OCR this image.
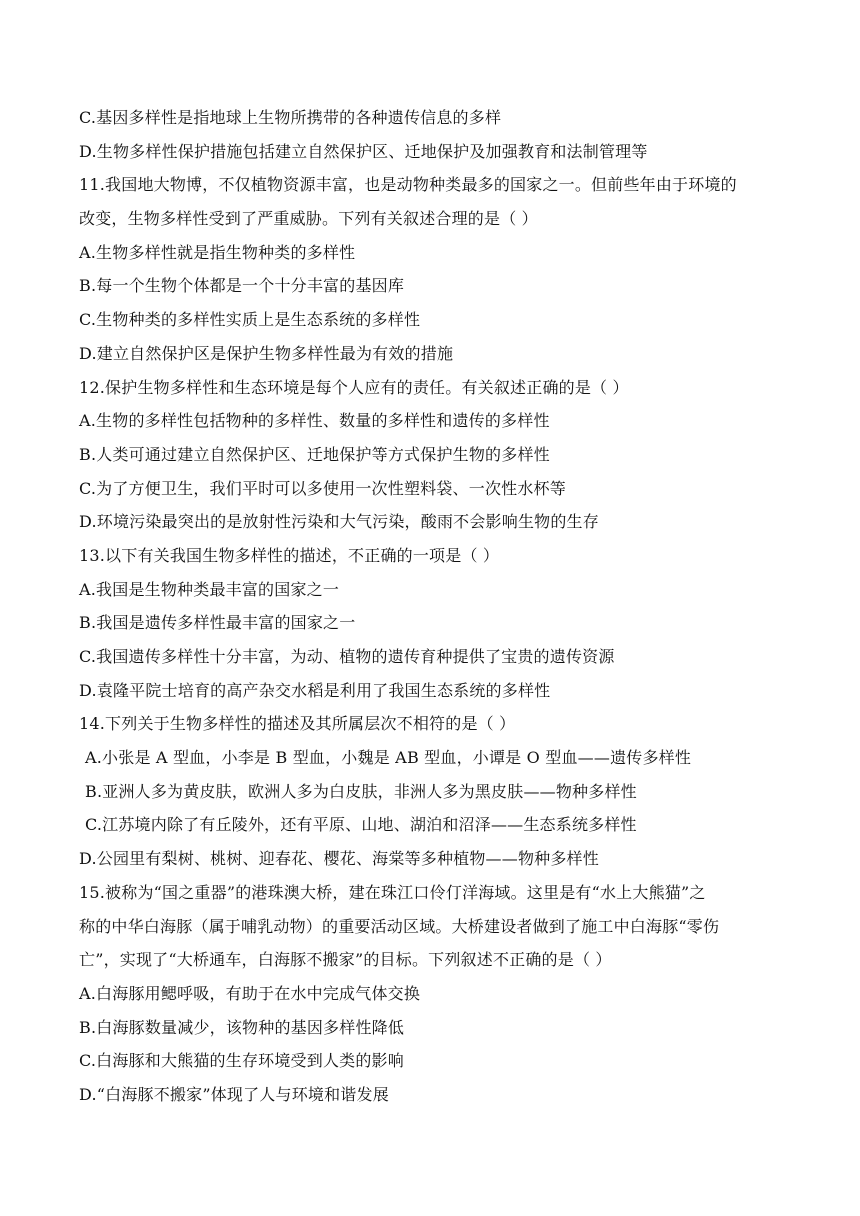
C.基因多样性是指地球上生物所携带的各种遗传信息的多样
D.生物多样性保护措施包括建立自然保护区、迁地保护及加强教育和法制管理等
11.我国地大物博，不仅植物资源丰富，也是动物种类最多的国家之一。但前些年由于环境的
改变，生物多样性受到了严重威胁。下列有关叙述合理的是（ ）
A.生物多样性就是指生物种类的多样性
B.每一个生物个体都是一个十分丰富的基因库
C.生物种类的多样性实质上是生态系统的多样性
D.建立自然保护区是保护生物多样性最为有效的措施
12.保护生物多样性和生态环境是每个人应有的责任。有关叙述正确的是（ ）
A.生物的多样性包括物种的多样性、数量的多样性和遗传的多样性
B.人类可通过建立自然保护区、迁地保护等方式保护生物的多样性
C.为了方便卫生，我们平时可以多使用一次性塑料袋、一次性水杯等
D.环境污染最突出的是放射性污染和大气污染，酸雨不会影响生物的生存
13.以下有关我国生物多样性的描述，不正确的一项是（ ）
A.我国是生物种类最丰富的国家之一
B.我国是遗传多样性最丰富的国家之一
C.我国遗传多样性十分丰富，为动、植物的遗传育种提供了宝贵的遗传资源
D.袁隆平院士培育的高产杂交水稻是利用了我国生态系统的多样性
14.下列关于生物多样性的描述及其所属层次不相符的是（ ）
A.小张是 A 型血，小李是 B 型血，小魏是 AB 型血，小谭是 O 型血——遗传多样性
B.亚洲人多为黄皮肤，欧洲人多为白皮肤，非洲人多为黑皮肤——物种多样性
C.江苏境内除了有丘陵外，还有平原、山地、湖泊和沼泽——生态系统多样性
D.公园里有梨树、桃树、迎春花、樱花、海棠等多种植物——物种多样性
15.被称为“国之重器”的港珠澳大桥，建在珠江口伶仃洋海域。这里是有“水上大熊猫”之
称的中华白海豚（属于哺乳动物）的重要活动区域。大桥建设者做到了施工中白海豚“零伤
亡”，实现了“大桥通车，白海豚不搬家”的目标。下列叙述不正确的是（ ）
A.白海豚用鳃呼吸，有助于在水中完成气体交换
B.白海豚数量减少，该物种的基因多样性降低
C.白海豚和大熊猫的生存环境受到人类的影响
D.“白海豚不搬家”体现了人与环境和谐发展
